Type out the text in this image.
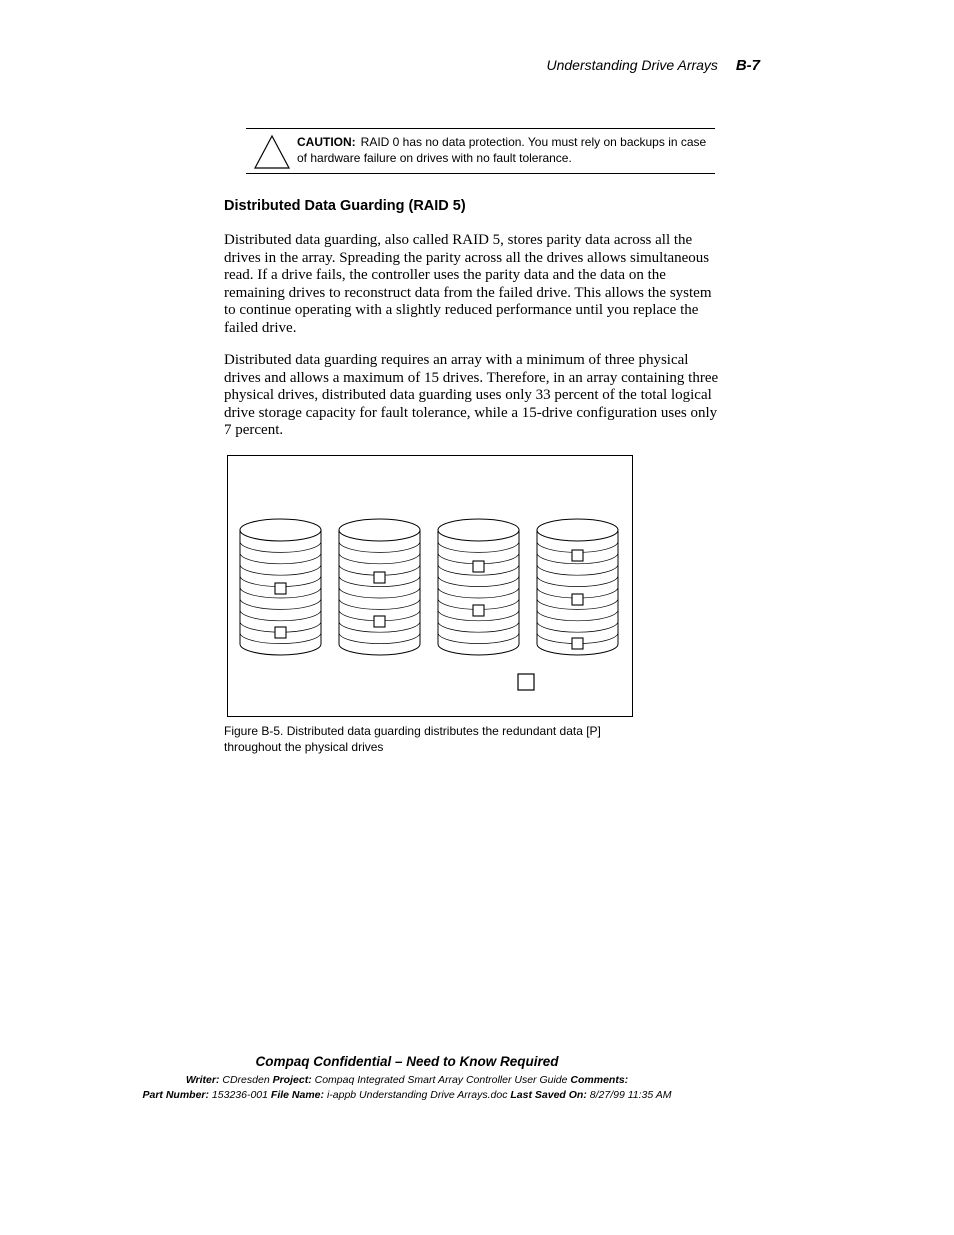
Understanding Drive Arrays B-7
CAUTION: RAID 0 has no data protection. You must rely on backups in case of hardware failure on drives with no fault tolerance.
Distributed Data Guarding (RAID 5)
Distributed data guarding, also called RAID 5, stores parity data across all the drives in the array. Spreading the parity across all the drives allows simultaneous read. If a drive fails, the controller uses the parity data and the data on the remaining drives to reconstruct data from the failed drive. This allows the system to continue operating with a slightly reduced performance until you replace the failed drive.
Distributed data guarding requires an array with a minimum of three physical drives and allows a maximum of 15 drives. Therefore, in an array containing three physical drives, distributed data guarding uses only 33 percent of the total logical drive storage capacity for fault tolerance, while a 15-drive configuration uses only 7 percent.
Figure B-5. Distributed data guarding distributes the redundant data [P]
throughout the physical drives
Compaq Confidential – Need to Know Required
Writer: CDresden Project: Compaq Integrated Smart Array Controller User Guide Comments:
Part Number: 153236-001 File Name: i-appb Understanding Drive Arrays.doc Last Saved On: 8/27/99 11:35 AM
